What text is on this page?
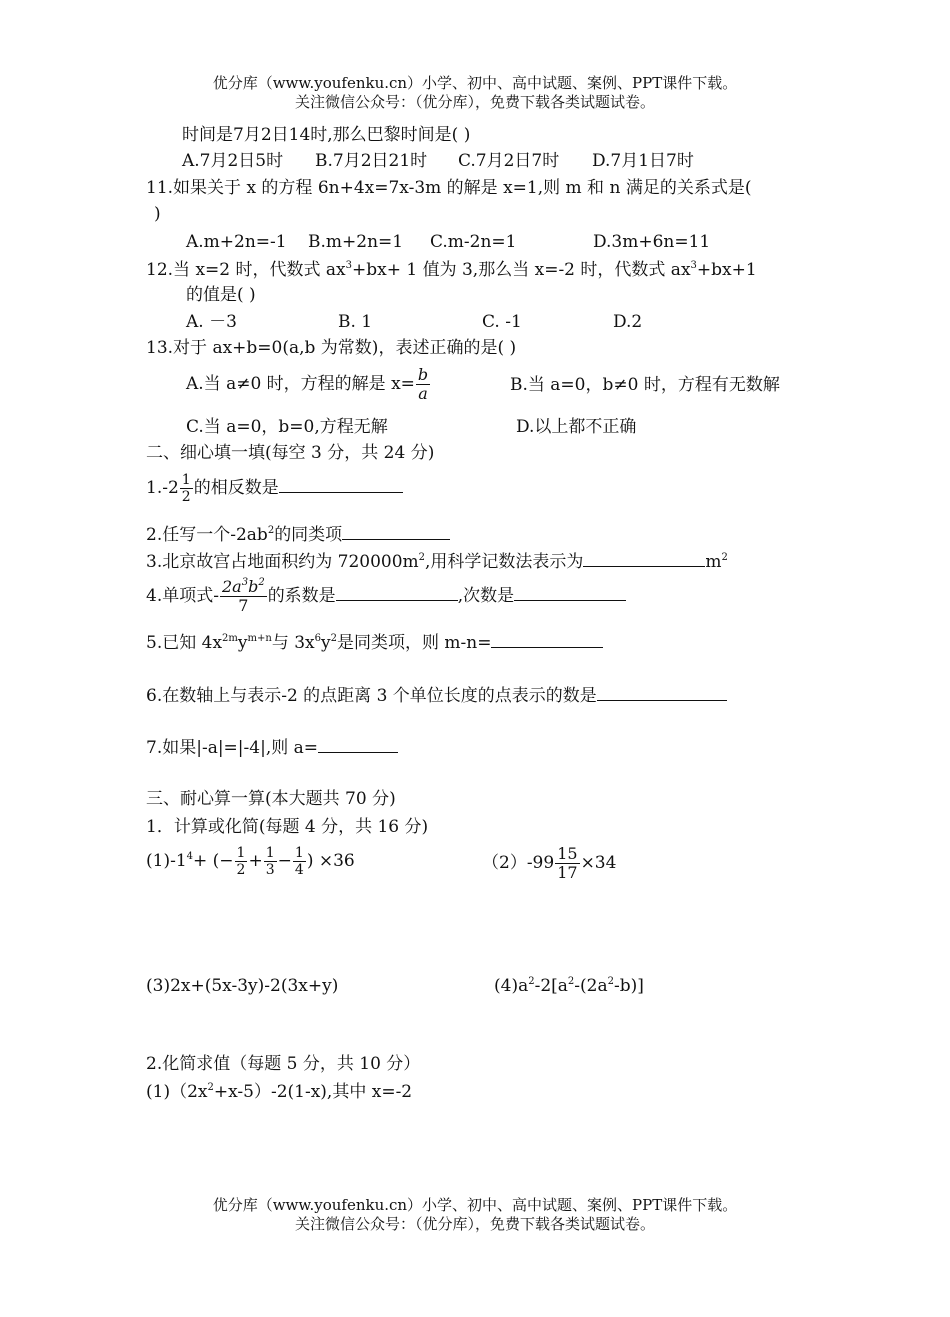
优分库（www.youfenku.cn）小学、初中、高中试题、案例、PPT课件下载。
关注微信公众号：（优分库），免费下载各类试题试卷。
时间是7月2日14时,那么巴黎时间是( )
A.7月2日5时 B.7月2日21时 C.7月2日7时 D.7月1日7时
11.如果关于 x 的方程 6n+4x=7x-3m 的解是 x=1,则 m 和 n 满足的关系式是(
)
A.m+2n=-1 B.m+2n=1 C.m-2n=1	D.3m+6n=11
12.当 x=2 时，代数式 $ax^3+bx+ 1$ 值为 3,那么当 x=-2 时，代数式 $ax^3+bx+1$
的值是( )
A. －3	B. 1	C. -1	D.2
13.对于 ax+b=0(a,b 为常数)，表述正确的是( )
A.当 a≠0 时，方程的解是 $x= \frac{b}{a}$	B.当 a=0，b≠0 时，方程有无数解
C.当 a=0，b=0,方程无解	D.以上都不正确
二、细心填一填(每空 3 分，共 24 分)
$1.-2 \frac{1}{2}$ 的相反数是
2.任写一个$-2ab^2$的同类项
3.北京故宫占地面积约为 $720000m^2$,用科学记数法表示为	$m^2$
4.单项式- $\frac{2a^3b^2}{7}$ 的系数是	,次数是
5.已知 $4x^{2m}y^{m+n}$与 $3x^6y^2$是同类项，则 m-n=
6.在数轴上与表示-2 的点距离 3 个单位长度的点表示的数是
7.如果|-a|=|-4|,则 a=
三、耐心算一算(本大题共 70 分)
1．计算或化简(每题 4 分，共 16 分)
$(1)-1^4+$ (− $\frac{1}{2} + \frac{1}{3} - \frac{1}{4}$ ) ×36	$(2)-99 \frac{15}{17} \times 34$
(3)2x+(5x-3y)-2(3x+y)	$(4)a^2-2[a^2-(2a^2-b)]$
2.化简求值（每题 5 分，共 10 分）
$(1)(2x^2+x-5)-2(1-x)$,其中 x=-2
优分库（www.youfenku.cn）小学、初中、高中试题、案例、PPT课件下载。
关注微信公众号：（优分库），免费下载各类试题试卷。
